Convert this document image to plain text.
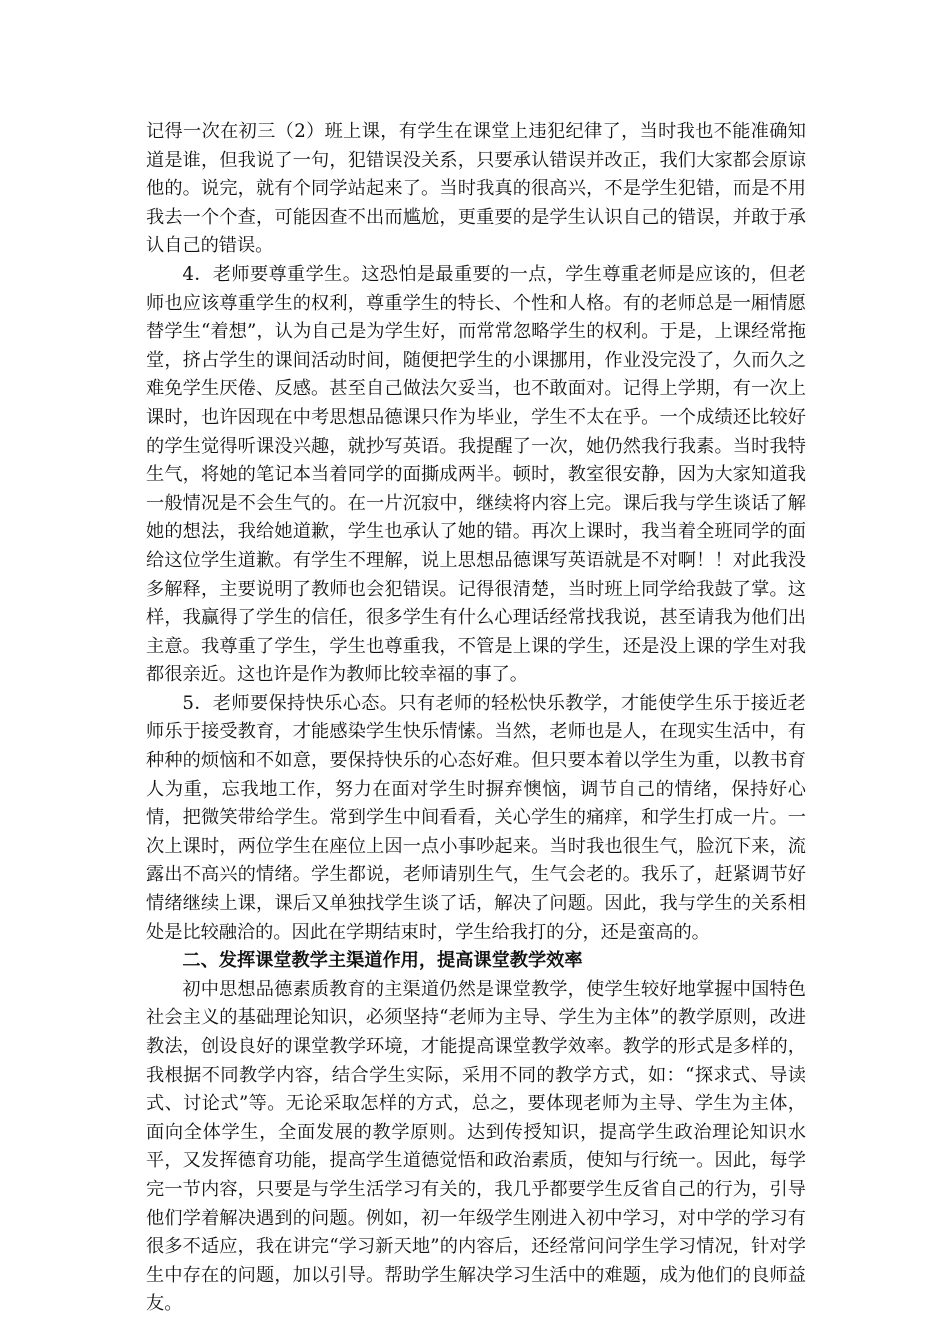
记得一次在初三（2）班上课，有学生在课堂上违犯纪律了，当时我也不能准确知道是谁，但我说了一句，犯错误没关系，只要承认错误并改正，我们大家都会原谅他的。说完，就有个同学站起来了。当时我真的很高兴，不是学生犯错，而是不用我去一个个查，可能因查不出而尴尬，更重要的是学生认识自己的错误，并敢于承认自己的错误。

4．老师要尊重学生。这恐怕是最重要的一点，学生尊重老师是应该的，但老师也应该尊重学生的权利，尊重学生的特长、个性和人格。有的老师总是一厢情愿替学生“着想”，认为自己是为学生好，而常常忽略学生的权利。于是，上课经常拖堂，挤占学生的课间活动时间，随便把学生的小课挪用，作业没完没了，久而久之难免学生厌倦、反感。甚至自己做法欠妥当，也不敢面对。记得上学期，有一次上课时，也许因现在中考思想品德课只作为毕业，学生不太在乎。一个成绩还比较好的学生觉得听课没兴趣，就抄写英语。我提醒了一次，她仍然我行我素。当时我特生气，将她的笔记本当着同学的面撕成两半。顿时，教室很安静，因为大家知道我一般情况是不会生气的。在一片沉寂中，继续将内容上完。课后我与学生谈话了解她的想法，我给她道歉，学生也承认了她的错。再次上课时，我当着全班同学的面给这位学生道歉。有学生不理解，说上思想品德课写英语就是不对啊！！对此我没多解释，主要说明了教师也会犯错误。记得很清楚，当时班上同学给我鼓了掌。这样，我赢得了学生的信任，很多学生有什么心理话经常找我说，甚至请我为他们出主意。我尊重了学生，学生也尊重我，不管是上课的学生，还是没上课的学生对我都很亲近。这也许是作为教师比较幸福的事了。

5．老师要保持快乐心态。只有老师的轻松快乐教学，才能使学生乐于接近老师乐于接受教育，才能感染学生快乐情愫。当然，老师也是人，在现实生活中，有种种的烦恼和不如意，要保持快乐的心态好难。但只要本着以学生为重，以教书育人为重，忘我地工作，努力在面对学生时摒弃懊恼，调节自己的情绪，保持好心情，把微笑带给学生。常到学生中间看看，关心学生的痛痒，和学生打成一片。一次上课时，两位学生在座位上因一点小事吵起来。当时我也很生气，脸沉下来，流露出不高兴的情绪。学生都说，老师请别生气，生气会老的。我乐了，赶紧调节好情绪继续上课，课后又单独找学生谈了话，解决了问题。因此，我与学生的关系相处是比较融洽的。因此在学期结束时，学生给我打的分，还是蛮高的。

二、发挥课堂教学主渠道作用，提高课堂教学效率

初中思想品德素质教育的主渠道仍然是课堂教学，使学生较好地掌握中国特色社会主义的基础理论知识，必须坚持“老师为主导、学生为主体”的教学原则，改进教法，创设良好的课堂教学环境，才能提高课堂教学效率。教学的形式是多样的，我根据不同教学内容，结合学生实际，采用不同的教学方式，如：“探求式、导读式、讨论式”等。无论采取怎样的方式，总之，要体现老师为主导、学生为主体，面向全体学生，全面发展的教学原则。达到传授知识，提高学生政治理论知识水平，又发挥德育功能，提高学生道德觉悟和政治素质，使知与行统一。因此，每学完一节内容，只要是与学生活学习有关的，我几乎都要学生反省自己的行为，引导他们学着解决遇到的问题。例如，初一年级学生刚进入初中学习，对中学的学习有很多不适应，我在讲完“学习新天地”的内容后，还经常问问学生学习情况，针对学生中存在的问题，加以引导。帮助学生解决学习生活中的难题，成为他们的良师益友。
